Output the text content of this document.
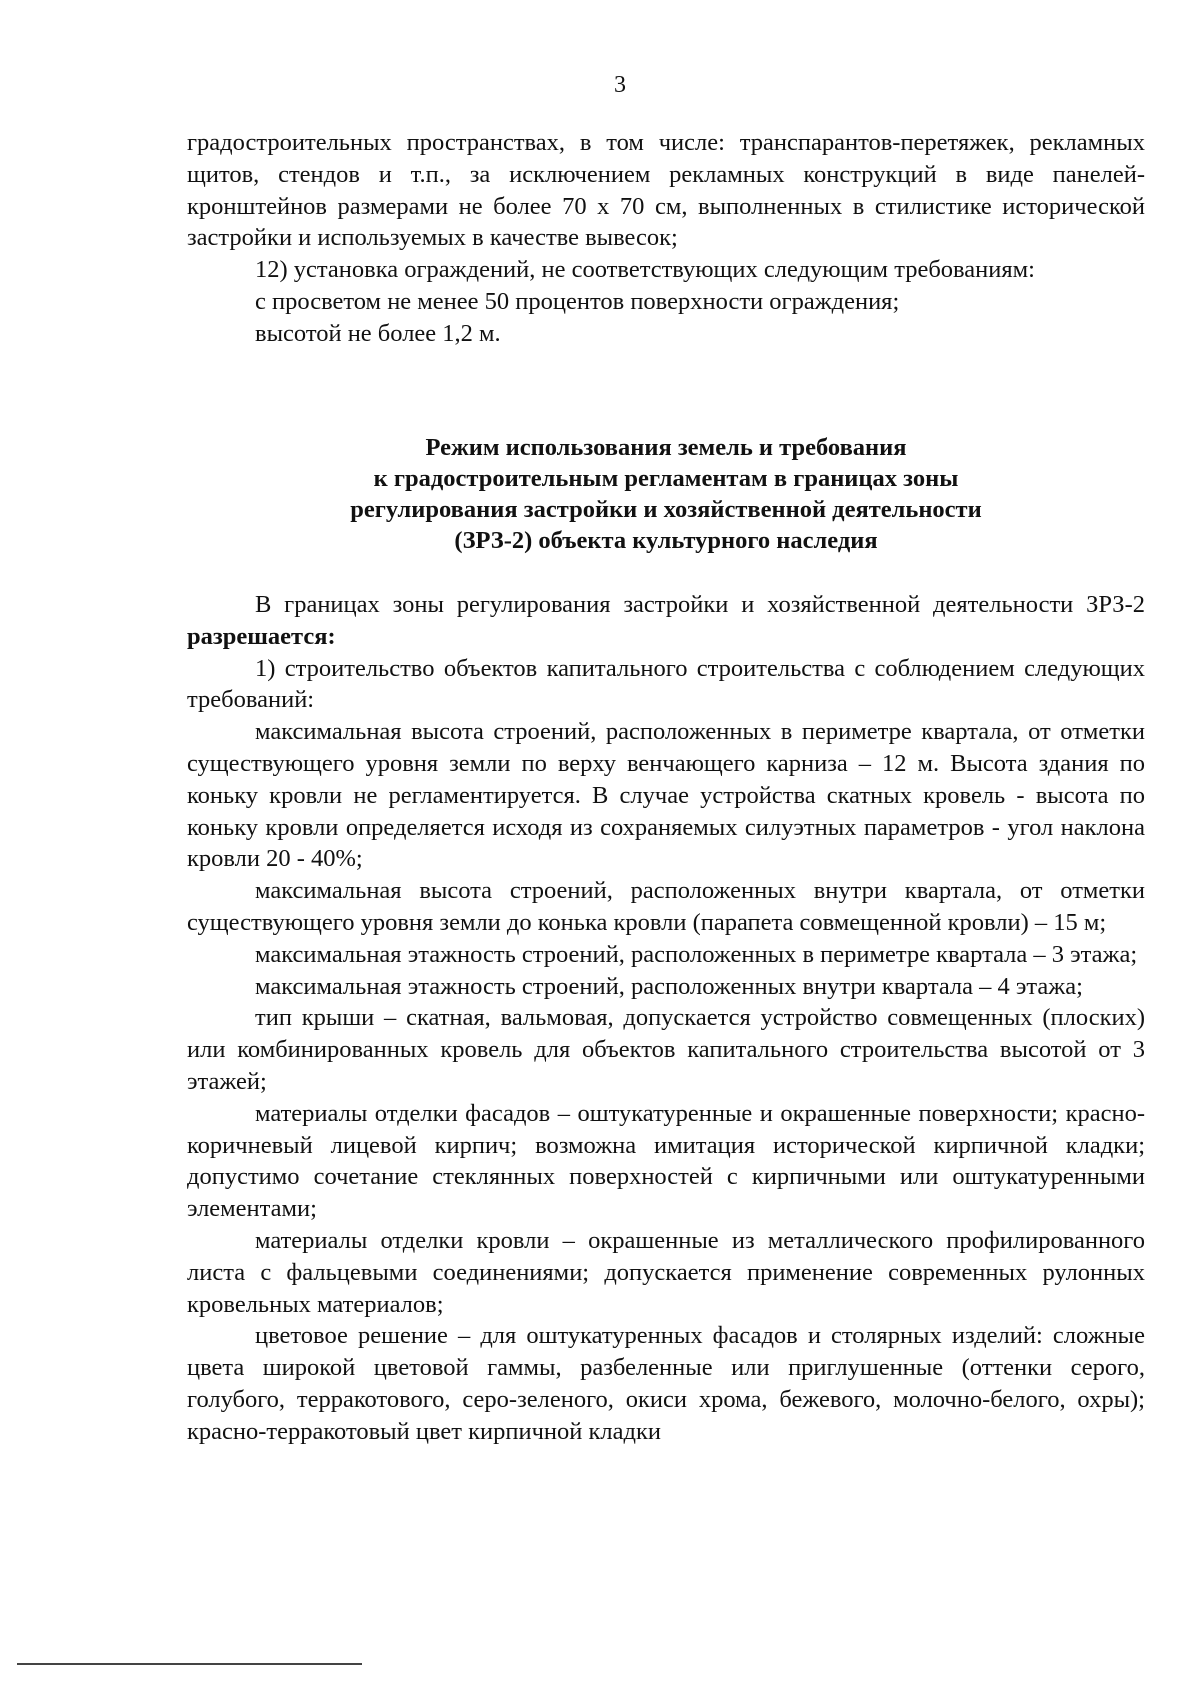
3

градостроительных пространствах, в том числе: транспарантов-перетяжек, рекламных щитов, стендов и т.п., за исключением рекламных конструкций в виде панелей-кронштейнов размерами не более 70 х 70 см, выполненных в стилистике исторической застройки и используемых в качестве вывесок;

12) установка ограждений, не соответствующих следующим требованиям:

с просветом не менее 50 процентов поверхности ограждения;

высотой не более 1,2 м.

Режим использования земель и требования
к градостроительным регламентам в границах зоны
регулирования застройки и хозяйственной деятельности
(ЗРЗ-2) объекта культурного наследия

В границах зоны регулирования застройки и хозяйственной деятельности ЗРЗ-2 разрешается:

1) строительство объектов капитального строительства с соблюдением следующих требований:

максимальная высота строений, расположенных в периметре квартала, от отметки существующего уровня земли по верху венчающего карниза – 12 м. Высота здания по коньку кровли не регламентируется. В случае устройства скатных кровель - высота по коньку кровли определяется исходя из сохраняемых силуэтных параметров - угол наклона кровли 20 - 40%;

максимальная высота строений, расположенных внутри квартала, от отметки существующего уровня земли до конька кровли (парапета совмещенной кровли) – 15 м;

максимальная этажность строений, расположенных в периметре квартала – 3 этажа;

максимальная этажность строений, расположенных внутри квартала – 4 этажа;

тип крыши – скатная, вальмовая, допускается устройство совмещенных (плоских) или комбинированных кровель для объектов капитального строительства высотой от 3 этажей;

материалы отделки фасадов – оштукатуренные и окрашенные поверхности; красно-коричневый лицевой кирпич; возможна имитация исторической кирпичной кладки; допустимо сочетание стеклянных поверхностей с кирпичными или оштукатуренными элементами;

материалы отделки кровли – окрашенные из металлического профилированного листа с фальцевыми соединениями; допускается применение современных рулонных кровельных материалов;

цветовое решение – для оштукатуренных фасадов и столярных изделий: сложные цвета широкой цветовой гаммы, разбеленные или приглушенные (оттенки серого, голубого, терракотового, серо-зеленого, окиси хрома, бежевого, молочно-белого, охры); красно-терракотовый цвет кирпичной кладки
